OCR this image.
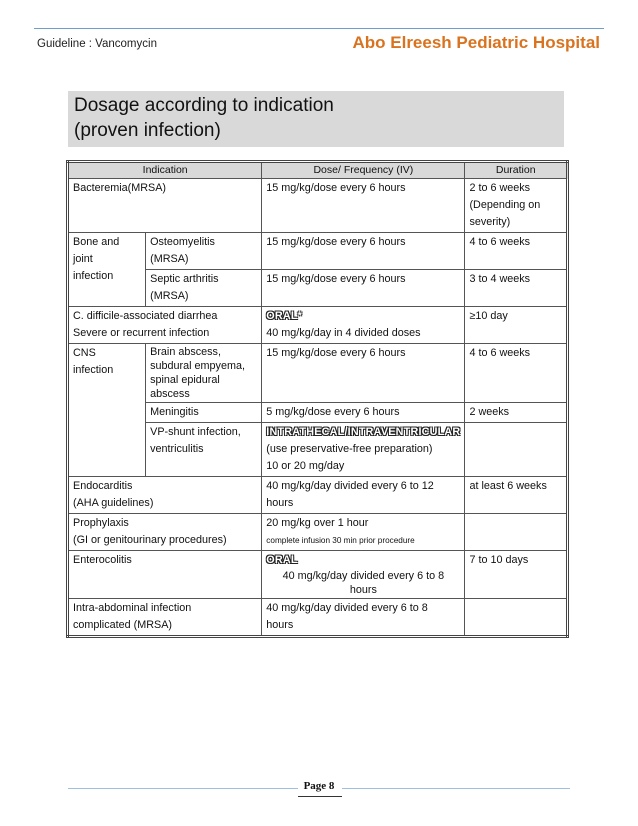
Guideline : Vancomycin	Abo Elreesh Pediatric Hospital
Dosage according to indication
(proven infection)
Indication		Dose/ Frequency (IV)	Duration
Bacteremia(MRSA)		15 mg/kg/dose every 6 hours	2 to 6 weeks
(Depending on
severity)

Bone and
joint
infection	Osteomyelitis
(MRSA)	15 mg/kg/dose every 6 hours	4 to 6 weeks

	Septic arthritis
(MRSA)	15 mg/kg/dose every 6 hours	3 to 4 weeks

C. difficile-associated diarrhea
Severe or recurrent infection		ORAL*
40 mg/kg/day in 4 divided doses	≥10 day

CNS
infection	Brain abscess, subdural empyema, spinal epidural abscess	15 mg/kg/dose every 6 hours	4 to 6 weeks
	Meningitis	5 mg/kg/dose every 6 hours	2 weeks

	VP-shunt infection,
ventriculitis	INTRATHECAL/INTRAVENTRICULAR
(use preservative-free preparation)
10 or 20 mg/day	

Endocarditis
(AHA guidelines)		40 mg/kg/day divided every 6 to 12
hours	at least 6 weeks

Prophylaxis
(GI or genitourinary procedures)		20 mg/kg over 1 hour
complete infusion 30 min prior procedure	

Enterocolitis		ORAL
40 mg/kg/day divided every 6 to 8
hours	7 to 10 days

Intra-abdominal infection
complicated (MRSA)		40 mg/kg/day divided every 6 to 8
hours	

Page 8
